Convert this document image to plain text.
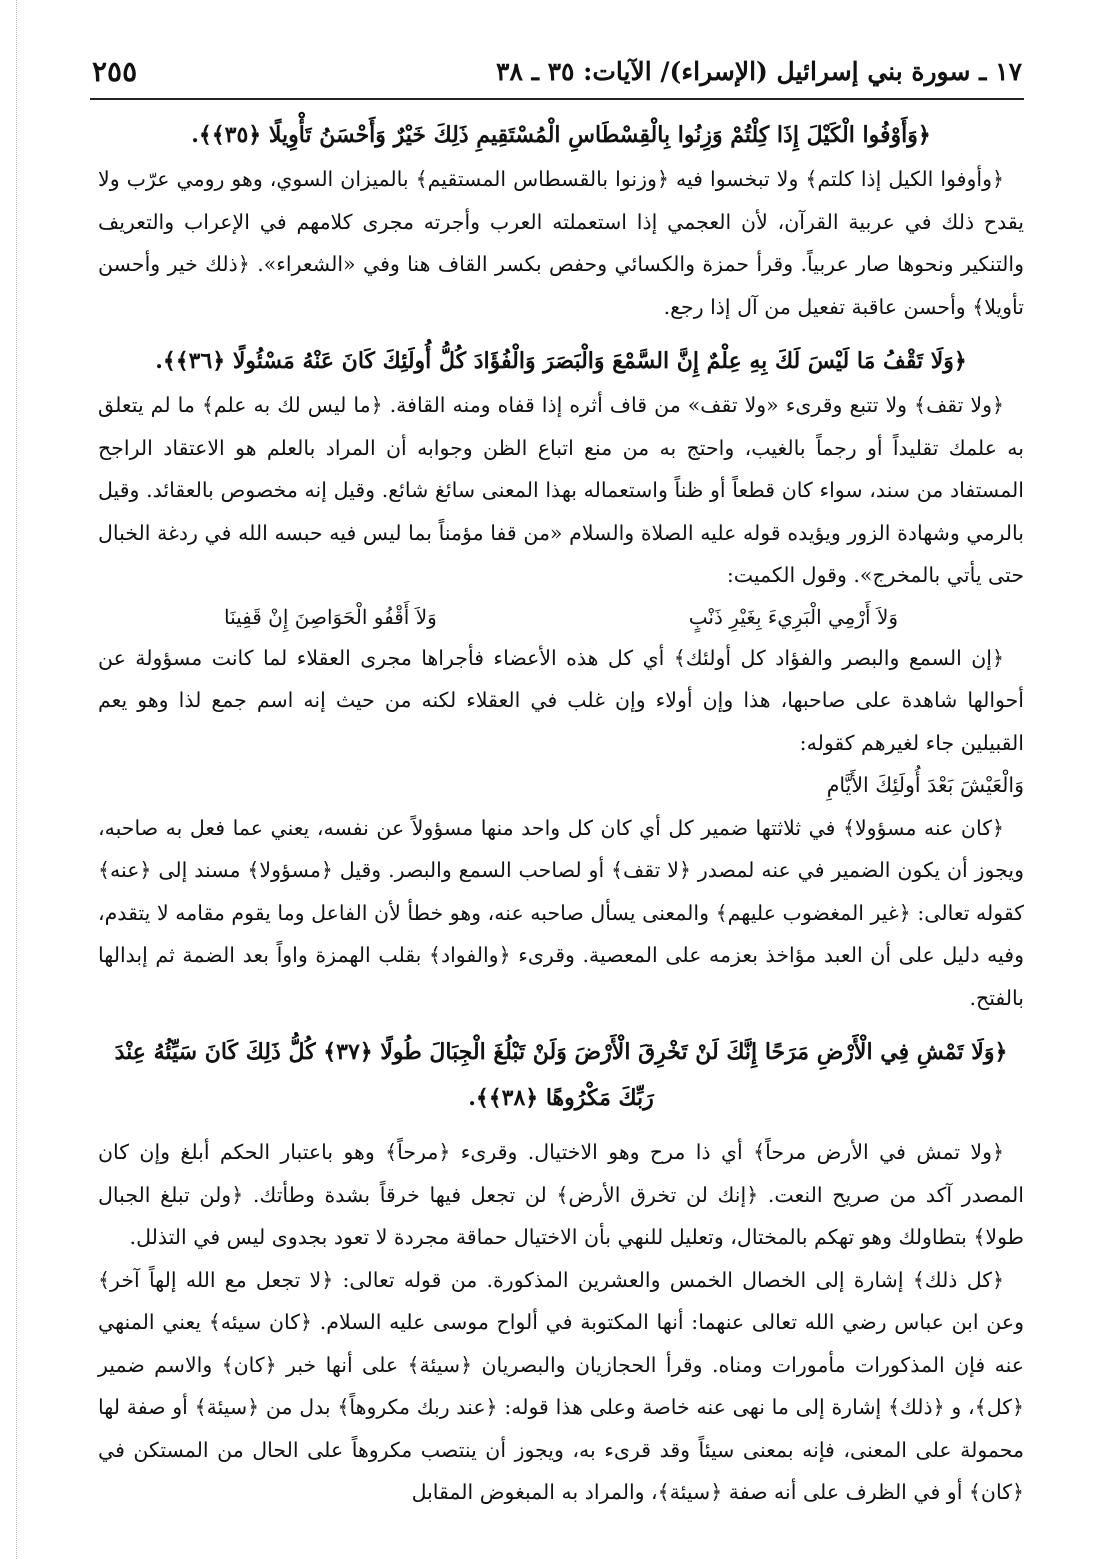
١٧ ـ سورة بني إسرائيل (الإسراء)/ الآيات: ٣٥ ـ ٣٨
٢٥٥

﴿وَأَوْفُوا الْكَيْلَ إِذَا كِلْتُمْ وَزِنُوا بِالْقِسْطَاسِ الْمُسْتَقِيمِ ذَلِكَ خَيْرٌ وَأَحْسَنُ تَأْوِيلًا ﴿٣٥﴾﴾.

﴿وأوفوا الكيل إذا كلتم﴾ ولا تبخسوا فيه ﴿وزنوا بالقسطاس المستقيم﴾ بالميزان السوي، وهو رومي عرّب ولا يقدح ذلك في عربية القرآن، لأن العجمي إذا استعملته العرب وأجرته مجرى كلامهم في الإعراب والتعريف والتنكير ونحوها صار عربياً. وقرأ حمزة والكسائي وحفص بكسر القاف هنا وفي «الشعراء». ﴿ذلك خير وأحسن تأويلا﴾ وأحسن عاقبة تفعيل من آل إذا رجع.

﴿وَلَا تَقْفُ مَا لَيْسَ لَكَ بِهِ عِلْمٌ إِنَّ السَّمْعَ وَالْبَصَرَ وَالْفُؤَادَ كُلُّ أُولَئِكَ كَانَ عَنْهُ مَسْئُولًا ﴿٣٦﴾﴾.

﴿ولا تقف﴾ ولا تتبع وقرىء «ولا تقف» من قاف أثره إذا قفاه ومنه القافة. ﴿ما ليس لك به علم﴾ ما لم يتعلق به علمك تقليداً أو رجماً بالغيب، واحتج به من منع اتباع الظن وجوابه أن المراد بالعلم هو الاعتقاد الراجح المستفاد من سند، سواء كان قطعاً أو ظناً واستعماله بهذا المعنى سائغ شائع. وقيل إنه مخصوص بالعقائد. وقيل بالرمي وشهادة الزور ويؤيده قوله عليه الصلاة والسلام «من قفا مؤمناً بما ليس فيه حبسه الله في ردغة الخبال حتى يأتي بالمخرج». وقول الكميت:

وَلاَ أَرْمِي الْبَرِيءَ بِغَيْرِ ذَنْبٍ
وَلاَ أَقْفُو الْحَوَاصِنَ إِنْ قَفِينَا

﴿إن السمع والبصر والفؤاد كل أولئك﴾ أي كل هذه الأعضاء فأجراها مجرى العقلاء لما كانت مسؤولة عن أحوالها شاهدة على صاحبها، هذا وإن أولاء وإن غلب في العقلاء لكنه من حيث إنه اسم جمع لذا وهو يعم القبيلين جاء لغيرهم كقوله:

وَالْعَيْشَ بَعْدَ أُولَئِكَ الأَيَّامِ

﴿كان عنه مسؤولا﴾ في ثلاثتها ضمير كل أي كان كل واحد منها مسؤولاً عن نفسه، يعني عما فعل به صاحبه، ويجوز أن يكون الضمير في عنه لمصدر ﴿لا تقف﴾ أو لصاحب السمع والبصر. وقيل ﴿مسؤولا﴾ مسند إلى ﴿عنه﴾ كقوله تعالى: ﴿غير المغضوب عليهم﴾ والمعنى يسأل صاحبه عنه، وهو خطأ لأن الفاعل وما يقوم مقامه لا يتقدم، وفيه دليل على أن العبد مؤاخذ بعزمه على المعصية. وقرىء ﴿والفواد﴾ بقلب الهمزة واواً بعد الضمة ثم إبدالها بالفتح.

﴿وَلَا تَمْشِ فِي الْأَرْضِ مَرَحًا إِنَّكَ لَنْ تَخْرِقَ الْأَرْضَ وَلَنْ تَبْلُغَ الْجِبَالَ طُولًا ﴿٣٧﴾ كُلُّ ذَلِكَ كَانَ سَيِّئُهُ عِنْدَ رَبِّكَ مَكْرُوهًا ﴿٣٨﴾﴾.

﴿ولا تمش في الأرض مرحاً﴾ أي ذا مرح وهو الاختيال. وقرىء ﴿مرحاً﴾ وهو باعتبار الحكم أبلغ وإن كان المصدر آكد من صريح النعت. ﴿إنك لن تخرق الأرض﴾ لن تجعل فيها خرقاً بشدة وطأتك. ﴿ولن تبلغ الجبال طولا﴾ بتطاولك وهو تهكم بالمختال، وتعليل للنهي بأن الاختيال حماقة مجردة لا تعود بجدوى ليس في التذلل.

﴿كل ذلك﴾ إشارة إلى الخصال الخمس والعشرين المذكورة. من قوله تعالى: ﴿لا تجعل مع الله إلهاً آخر﴾ وعن ابن عباس رضي الله تعالى عنهما: أنها المكتوبة في ألواح موسى عليه السلام. ﴿كان سيئه﴾ يعني المنهي عنه فإن المذكورات مأمورات ومناه. وقرأ الحجازيان والبصريان ﴿سيئة﴾ على أنها خبر ﴿كان﴾ والاسم ضمير ﴿كل﴾، و ﴿ذلك﴾ إشارة إلى ما نهى عنه خاصة وعلى هذا قوله: ﴿عند ربك مكروهاً﴾ بدل من ﴿سيئة﴾ أو صفة لها محمولة على المعنى، فإنه بمعنى سيئاً وقد قرىء به، ويجوز أن ينتصب مكروهاً على الحال من المستكن في ﴿كان﴾ أو في الظرف على أنه صفة ﴿سيئة﴾، والمراد به المبغوض المقابل
